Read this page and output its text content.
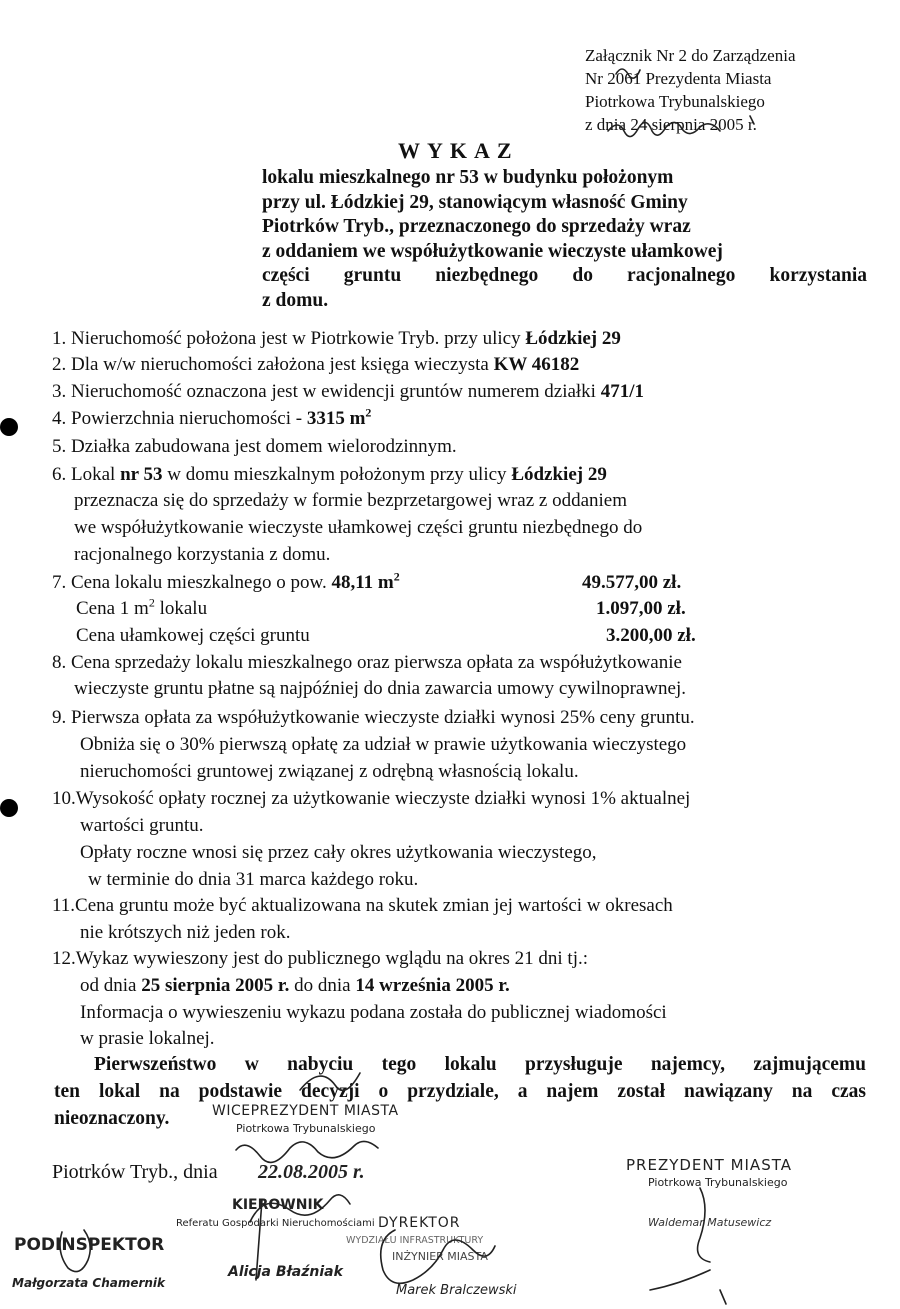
Załącznik Nr 2 do Zarządzenia
Nr 2061 Prezydenta Miasta
Piotrkowa Trybunalskiego
z dnia 24 sierpnia 2005 r.
WYKAZ
lokalu mieszkalnego nr 53 w budynku położonym
przy ul. Łódzkiej 29, stanowiącym własność Gminy
Piotrków Tryb., przeznaczonego do sprzedaży wraz
z oddaniem we współużytkowanie wieczyste ułamkowej
części gruntu niezbędnego do racjonalnego korzystania
z domu.
1. Nieruchomość położona jest w Piotrkowie Tryb. przy ulicy Łódzkiej 29
2. Dla w/w nieruchomości założona jest księga wieczysta KW 46182
3. Nieruchomość oznaczona jest w ewidencji gruntów numerem działki 471/1
4. Powierzchnia nieruchomości - 3315 $m^2$
5. Działka zabudowana jest domem wielorodzinnym.
6. Lokal nr 53 w domu mieszkalnym położonym przy ulicy Łódzkiej 29
przeznacza się do sprzedaży w formie bezprzetargowej wraz z oddaniem
we współużytkowanie wieczyste ułamkowej części gruntu niezbędnego do
racjonalnego korzystania z domu.
7. Cena lokalu mieszkalnego o pow. 48,11 $m^2$	49.577,00 zł.
Cena 1 $m^2$ lokalu	1.097,00 zł.
Cena ułamkowej części gruntu	3.200,00 zł.
8. Cena sprzedaży lokalu mieszkalnego oraz pierwsza opłata za współużytkowanie
wieczyste gruntu płatne są najpóźniej do dnia zawarcia umowy cywilnoprawnej.
9. Pierwsza opłata za współużytkowanie wieczyste działki wynosi 25% ceny gruntu.
Obniża się o 30% pierwszą opłatę za udział w prawie użytkowania wieczystego
nieruchomości gruntowej związanej z odrębną własnością lokalu.
10.Wysokość opłaty rocznej za użytkowanie wieczyste działki wynosi 1% aktualnej
wartości gruntu.
Opłaty roczne wnosi się przez cały okres użytkowania wieczystego,
w terminie do dnia 31 marca każdego roku.
11.Cena gruntu może być aktualizowana na skutek zmian jej wartości w okresach
nie krótszych niż jeden rok.
12.Wykaz wywieszony jest do publicznego wglądu na okres 21 dni tj.:
od dnia 25 sierpnia 2005 r. do dnia 14 września 2005 r.
Informacja o wywieszeniu wykazu podana została do publicznej wiadomości
w prasie lokalnej.
Pierwszeństwo w nabyciu tego lokalu przysługuje najemcy, zajmującemu
ten lokal na podstawie decyzji o przydziale, a najem został nawiązany na czas
nieoznaczony.	WICEPREZYDENT MIASTA
Piotrkowa Trybunalskiego
Piotrków Tryb., dnia 22.08.2005 r.	PREZYDENT MIASTA
Piotrkowa Trybunalskiego
Waldemar Matusewicz
KIEROWNIK
Referatu Gospodarki Nieruchomościami
Alicja Błaźniak
DYREKTOR
WYDZIAŁU INFRASTRUKTURY
INŻYNIER MIASTA
Marek Bralczewski
PODINSPEKTOR
Małgorzata Chamernik
